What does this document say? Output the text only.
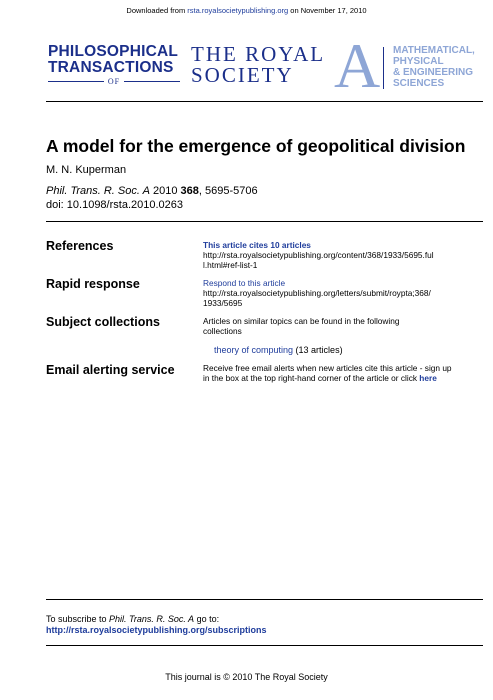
Downloaded from rsta.royalsocietypublishing.org on November 17, 2010
PHILOSOPHICAL
TRANSACTIONS
OF
THE ROYAL
SOCIETY A MATHEMATICAL,
PHYSICAL
& ENGINEERING
SCIENCES
A model for the emergence of geopolitical division
M. N. Kuperman
Phil. Trans. R. Soc. A 2010 368, 5695-5706
doi: 10.1098/rsta.2010.0263
References	This article cites 10 articles
http://rsta.royalsocietypublishing.org/content/368/1933/5695.ful
l.html#ref-list-1
Rapid response	Respond to this article
http://rsta.royalsocietypublishing.org/letters/submit/roypta;368/
1933/5695
Subject collections	Articles on similar topics can be found in the following
collections
theory of computing (13 articles)
Email alerting service	Receive free email alerts when new articles cite this article - sign up
in the box at the top right-hand corner of the article or click here
To subscribe to Phil. Trans. R. Soc. A go to:
http://rsta.royalsocietypublishing.org/subscriptions
This journal is © 2010 The Royal Society
